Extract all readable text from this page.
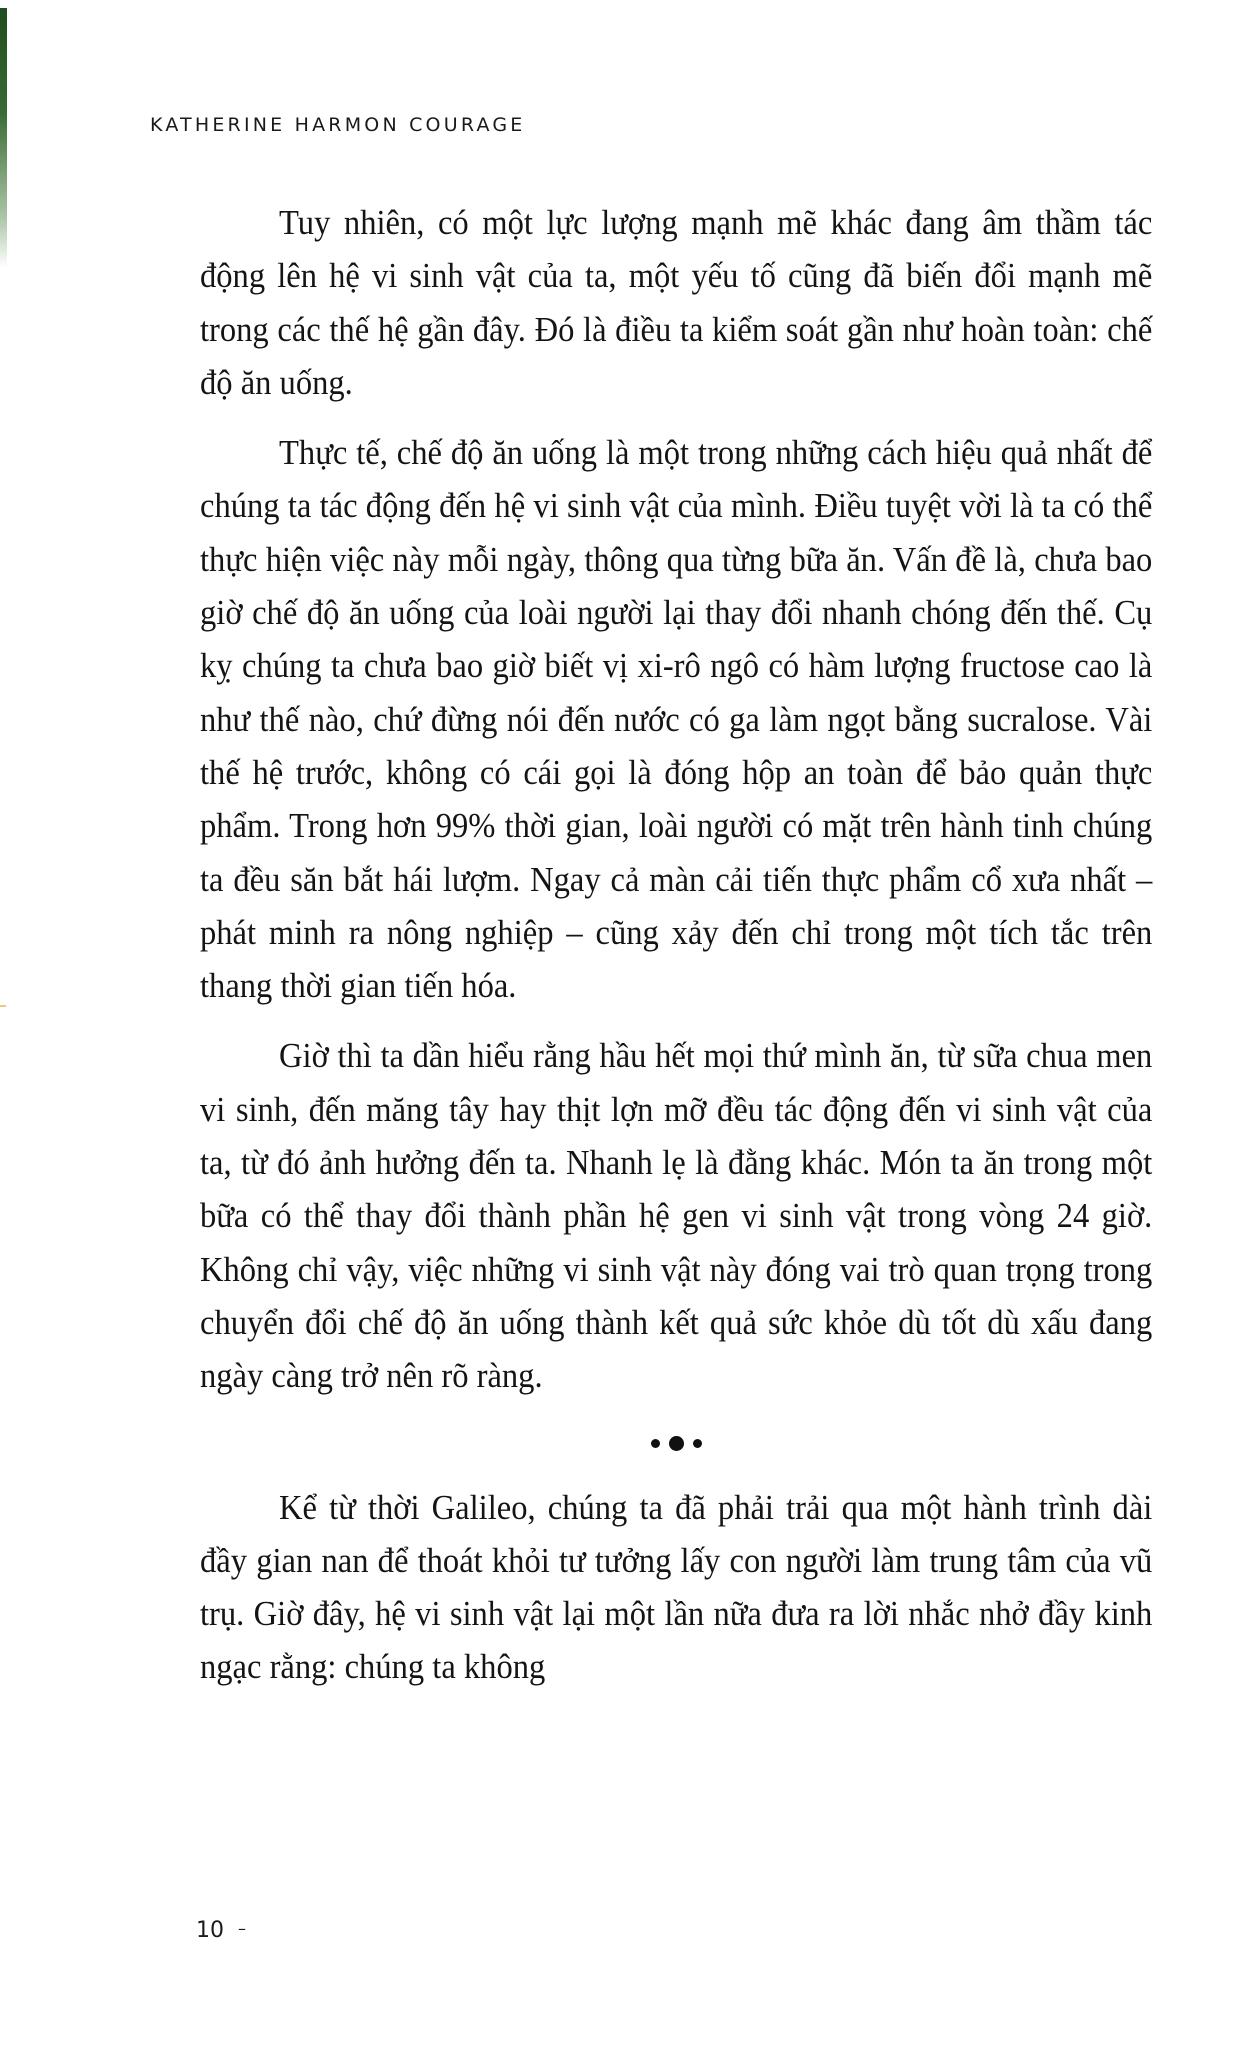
KATHERINE HARMON COURAGE

Tuy nhiên, có một lực lượng mạnh mẽ khác đang âm thầm tác động lên hệ vi sinh vật của ta, một yếu tố cũng đã biến đổi mạnh mẽ trong các thế hệ gần đây. Đó là điều ta kiểm soát gần như hoàn toàn: chế độ ăn uống.

Thực tế, chế độ ăn uống là một trong những cách hiệu quả nhất để chúng ta tác động đến hệ vi sinh vật của mình. Điều tuyệt vời là ta có thể thực hiện việc này mỗi ngày, thông qua từng bữa ăn. Vấn đề là, chưa bao giờ chế độ ăn uống của loài người lại thay đổi nhanh chóng đến thế. Cụ kỵ chúng ta chưa bao giờ biết vị xi-rô ngô có hàm lượng fructose cao là như thế nào, chứ đừng nói đến nước có ga làm ngọt bằng sucralose. Vài thế hệ trước, không có cái gọi là đóng hộp an toàn để bảo quản thực phẩm. Trong hơn 99% thời gian, loài người có mặt trên hành tinh chúng ta đều săn bắt hái lượm. Ngay cả màn cải tiến thực phẩm cổ xưa nhất – phát minh ra nông nghiệp – cũng xảy đến chỉ trong một tích tắc trên thang thời gian tiến hóa.

Giờ thì ta dần hiểu rằng hầu hết mọi thứ mình ăn, từ sữa chua men vi sinh, đến măng tây hay thịt lợn mỡ đều tác động đến vi sinh vật của ta, từ đó ảnh hưởng đến ta. Nhanh lẹ là đằng khác. Món ta ăn trong một bữa có thể thay đổi thành phần hệ gen vi sinh vật trong vòng 24 giờ. Không chỉ vậy, việc những vi sinh vật này đóng vai trò quan trọng trong chuyển đổi chế độ ăn uống thành kết quả sức khỏe dù tốt dù xấu đang ngày càng trở nên rõ ràng.

Kể từ thời Galileo, chúng ta đã phải trải qua một hành trình dài đầy gian nan để thoát khỏi tư tưởng lấy con người làm trung tâm của vũ trụ. Giờ đây, hệ vi sinh vật lại một lần nữa đưa ra lời nhắc nhở đầy kinh ngạc rằng: chúng ta không

10 –
